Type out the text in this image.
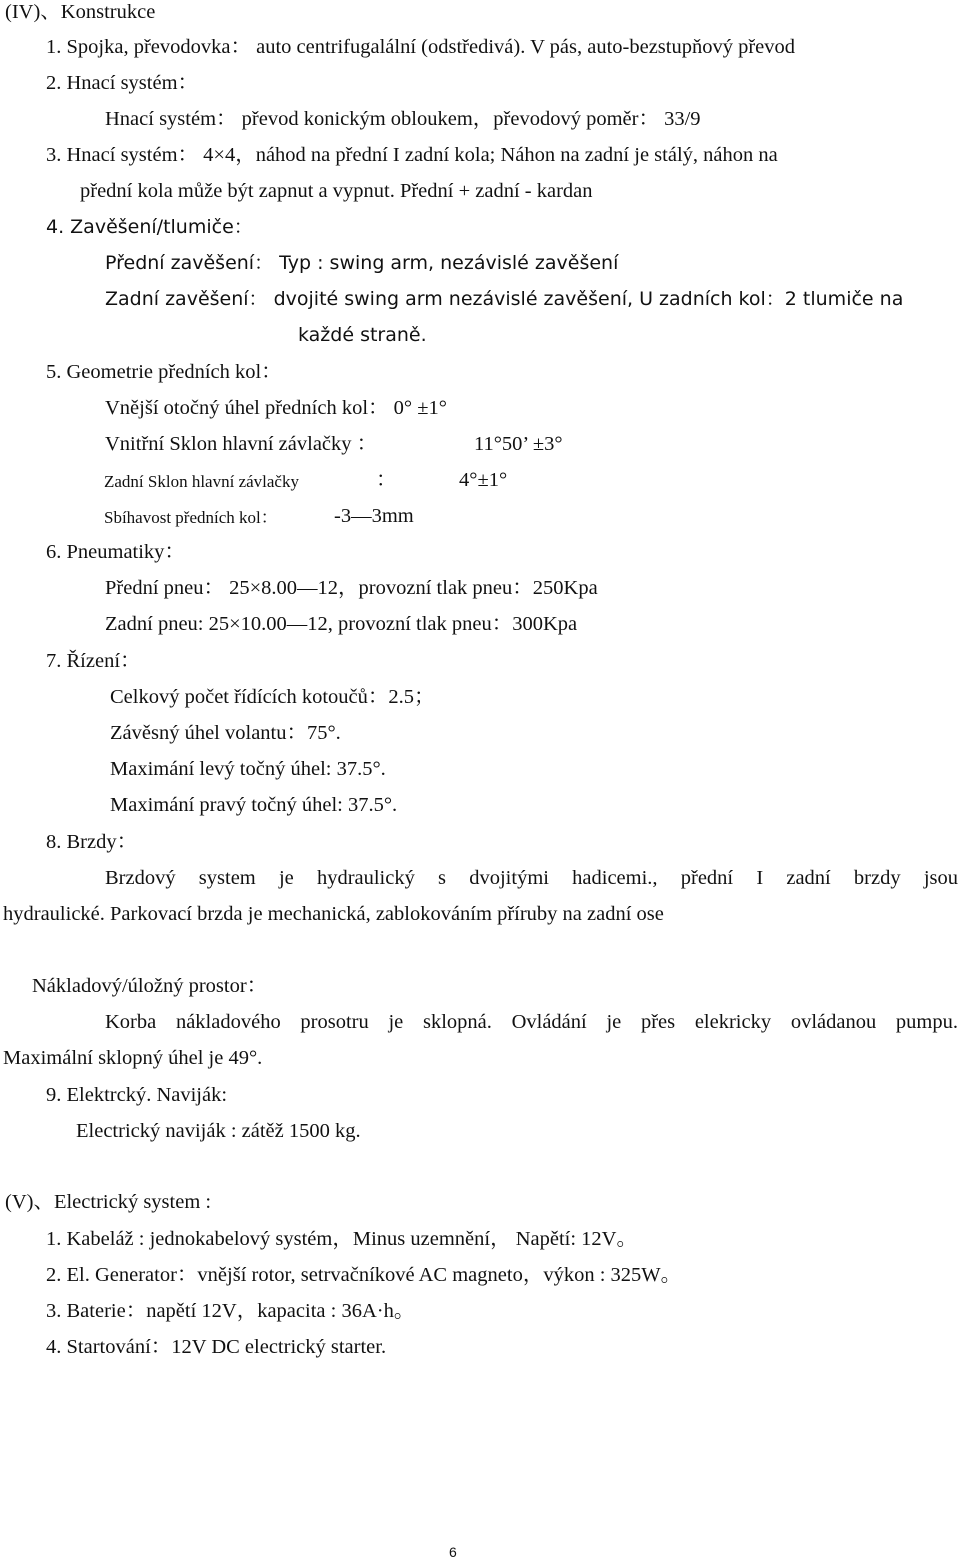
(IV)、Konstrukce
1. Spojka, převodovka： auto centrifugalální (odstředivá). V pás, auto-bezstupňový převod
2. Hnací systém：
Hnací systém： převod konickým obloukem，převodový poměr： 33/9
3. Hnací systém： 4×4，náhod na přední I zadní kola; Náhon na zadní je stálý, náhon na
přední kola může být zapnut a vypnut. Přední + zadní - kardan
4. Zavěšení/tlumiče：
Přední zavěšení： Typ : swing arm, nezávislé zavěšení
Zadní zavěšení： dvojité swing arm nezávislé zavěšení, U zadních kol：2 tlumiče na
každé straně.
5. Geometrie předních kol：
Vnější otočný úhel předních kol： 0° ±1°
Vnitřní Sklon hlavní závlačky ：	11°50’ ±3°
Zadní Sklon hlavní závlačky	：	4°±1°
Sbíhavost předních kol：	-3—3mm
6. Pneumatiky：
Přední pneu： 25×8.00—12，provozní tlak pneu：250Kpa
Zadní pneu: 25×10.00—12, provozní tlak pneu：300Kpa
7. Řízení：
Celkový počet řídících kotoučů：2.5；
Závěsný úhel volantu：75°.
Maximání levý točný úhel: 37.5°.
Maximání pravý točný úhel: 37.5°.
8. Brzdy：
Brzdový system je hydraulický s dvojitými hadicemi., přední I zadní brzdy jsou
hydraulické. Parkovací brzda je mechanická, zablokováním příruby na zadní ose
Nákladový/úložný prostor：
Korba nákladového prosotru je sklopná. Ovládání je přes elekricky ovládanou pumpu.
Maximální sklopný úhel je 49°.
9. Elektrcký. Naviják:
Electrický naviják : zátěž 1500 kg.
(V)、Electrický system :
1. Kabeláž : jednokabelový systém，Minus uzemnění， Napětí: 12V。
2. El. Generator：vnější rotor, setrvačníkové AC magneto，výkon : 325W。
3. Baterie：napětí 12V，kapacita : 36A·h。
4. Startování：12V DC electrický starter.
6
